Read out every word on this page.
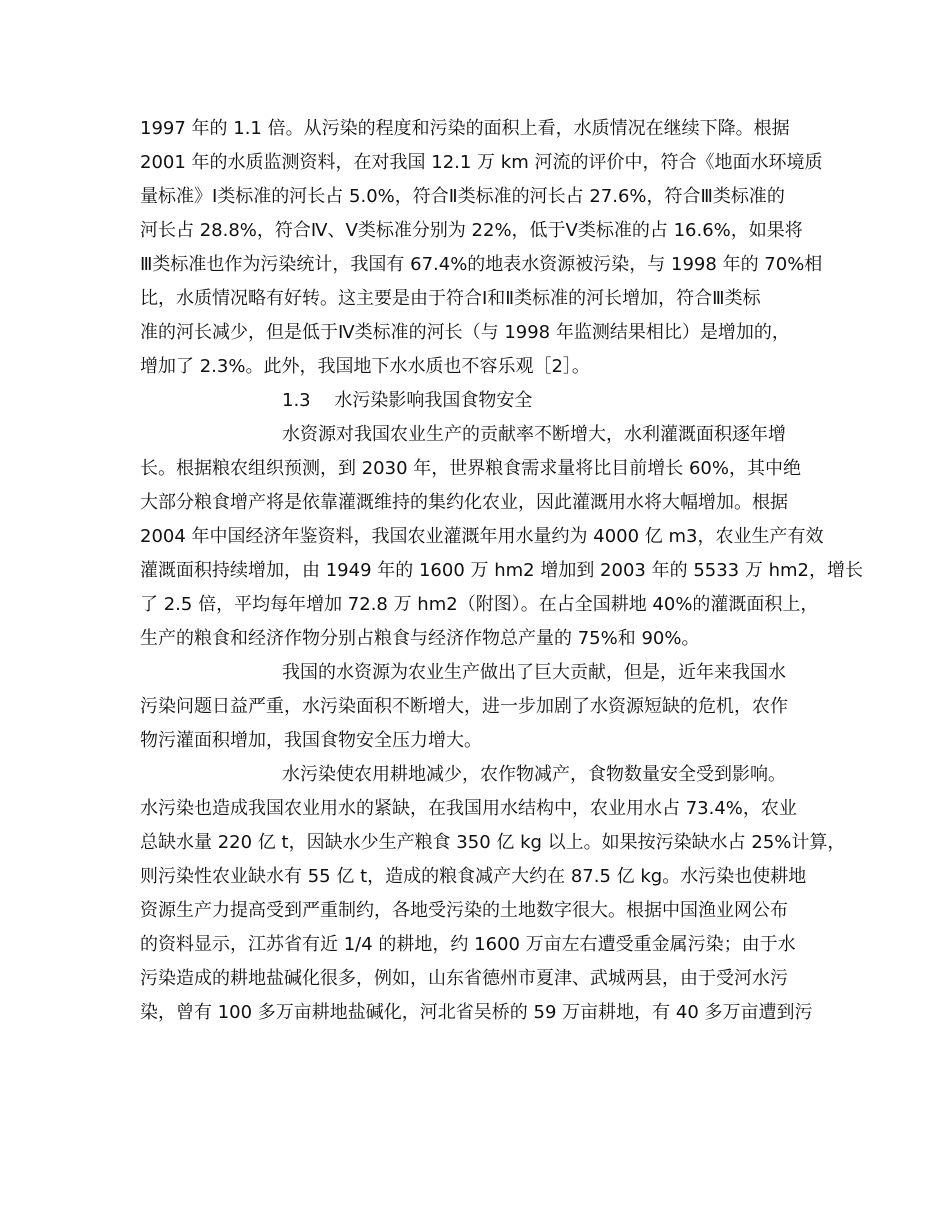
1997 年的 1.1 倍。从污染的程度和污染的面积上看，水质情况在继续下降。根据
2001 年的水质监测资料，在对我国 12.1 万 km 河流的评价中，符合《地面水环境质
量标准》Ⅰ类标准的河长占 5.0%，符合Ⅱ类标准的河长占 27.6%，符合Ⅲ类标准的
河长占 28.8%，符合Ⅳ、Ⅴ类标准分别为 22%，低于Ⅴ类标准的占 16.6%，如果将
Ⅲ类标准也作为污染统计，我国有 67.4%的地表水资源被污染，与 1998 年的 70%相
比，水质情况略有好转。这主要是由于符合Ⅰ和Ⅱ类标准的河长增加，符合Ⅲ类标
准的河长减少，但是低于Ⅳ类标准的河长（与 1998 年监测结果相比）是增加的，
增加了 2.3%。此外，我国地下水水质也不容乐观［2］。
1.3　 水污染影响我国食物安全
水资源对我国农业生产的贡献率不断增大，水利灌溉面积逐年增
长。根据粮农组织预测，到 2030 年，世界粮食需求量将比目前增长 60%，其中绝
大部分粮食增产将是依靠灌溉维持的集约化农业，因此灌溉用水将大幅增加。根据
2004 年中国经济年鉴资料，我国农业灌溉年用水量约为 4000 亿 m3，农业生产有效
灌溉面积持续增加，由 1949 年的 1600 万 hm2 增加到 2003 年的 5533 万 hm2，增长
了 2.5 倍，平均每年增加 72.8 万 hm2（附图）。在占全国耕地 40%的灌溉面积上，
生产的粮食和经济作物分别占粮食与经济作物总产量的 75%和 90%。
我国的水资源为农业生产做出了巨大贡献，但是，近年来我国水
污染问题日益严重，水污染面积不断增大，进一步加剧了水资源短缺的危机，农作
物污灌面积增加，我国食物安全压力增大。
水污染使农用耕地减少，农作物减产，食物数量安全受到影响。
水污染也造成我国农业用水的紧缺，在我国用水结构中，农业用水占 73.4%，农业
总缺水量 220 亿 t，因缺水少生产粮食 350 亿 kg 以上。如果按污染缺水占 25%计算，
则污染性农业缺水有 55 亿 t，造成的粮食减产大约在 87.5 亿 kg。水污染也使耕地
资源生产力提高受到严重制约，各地受污染的土地数字很大。根据中国渔业网公布
的资料显示，江苏省有近 1/4 的耕地，约 1600 万亩左右遭受重金属污染；由于水
污染造成的耕地盐碱化很多，例如，山东省德州市夏津、武城两县，由于受河水污
染，曾有 100 多万亩耕地盐碱化，河北省吴桥的 59 万亩耕地，有 40 多万亩遭到污
